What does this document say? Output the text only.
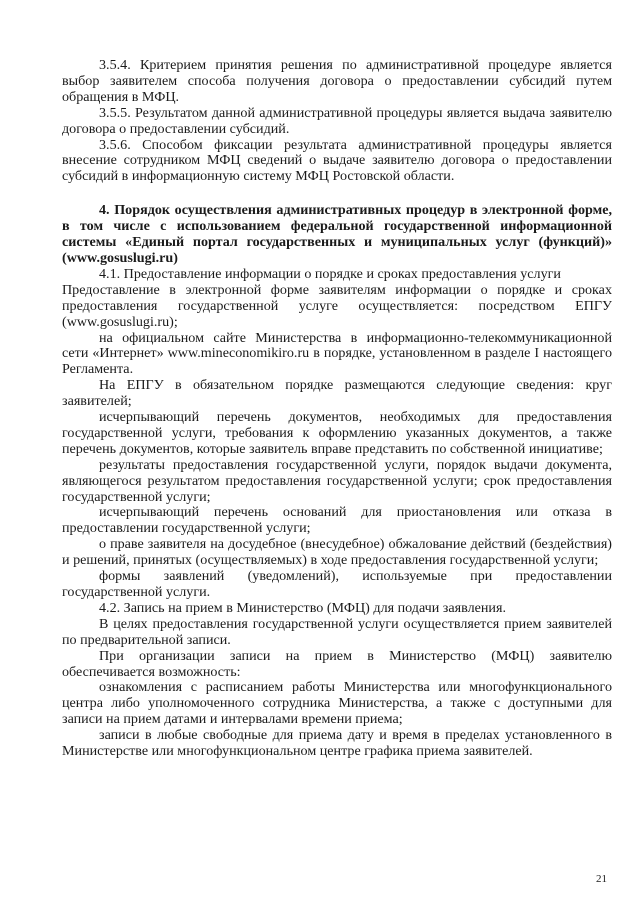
3.5.4. Критерием принятия решения по административной процедуре является выбор заявителем способа получения договора о предоставлении субсидий путем обращения в МФЦ.

3.5.5. Результатом данной административной процедуры является выдача заявителю договора о предоставлении субсидий.

3.5.6. Способом фиксации результата административной процедуры является внесение сотрудником МФЦ сведений о выдаче заявителю договора о предоставлении субсидий в информационную систему МФЦ Ростовской области.

4. Порядок осуществления административных процедур в электронной форме, в том числе с использованием федеральной государственной информационной системы «Единый портал государственных и муниципальных услуг (функций)» (www.gosuslugi.ru)

4.1. Предоставление информации о порядке и сроках предоставления услуги

Предоставление в электронной форме заявителям информации о порядке и сроках предоставления государственной услуге осуществляется: посредством ЕПГУ (www.gosuslugi.ru);

на официальном сайте Министерства в информационно-телекоммуникационной сети «Интернет» www.mineconomikiro.ru в порядке, установленном в разделе I настоящего Регламента.

На ЕПГУ в обязательном порядке размещаются следующие сведения: круг заявителей;

исчерпывающий перечень документов, необходимых для предоставления государственной услуги, требования к оформлению указанных документов, а также перечень документов, которые заявитель вправе представить по собственной инициативе;

результаты предоставления государственной услуги, порядок выдачи документа, являющегося результатом предоставления государственной услуги; срок предоставления государственной услуги;

исчерпывающий перечень оснований для приостановления или отказа в предоставлении государственной услуги;

о праве заявителя на досудебное (внесудебное) обжалование действий (бездействия) и решений, принятых (осуществляемых) в ходе предоставления государственной услуги;

формы заявлений (уведомлений), используемые при предоставлении государственной услуги.

4.2. Запись на прием в Министерство (МФЦ) для подачи заявления.

В целях предоставления государственной услуги осуществляется прием заявителей по предварительной записи.

При организации записи на прием в Министерство (МФЦ) заявителю обеспечивается возможность:

ознакомления с расписанием работы Министерства или многофункционального центра либо уполномоченного сотрудника Министерства, а также с доступными для записи на прием датами и интервалами времени приема;

записи в любые свободные для приема дату и время в пределах установленного в Министерстве или многофункциональном центре графика приема заявителей.

21
